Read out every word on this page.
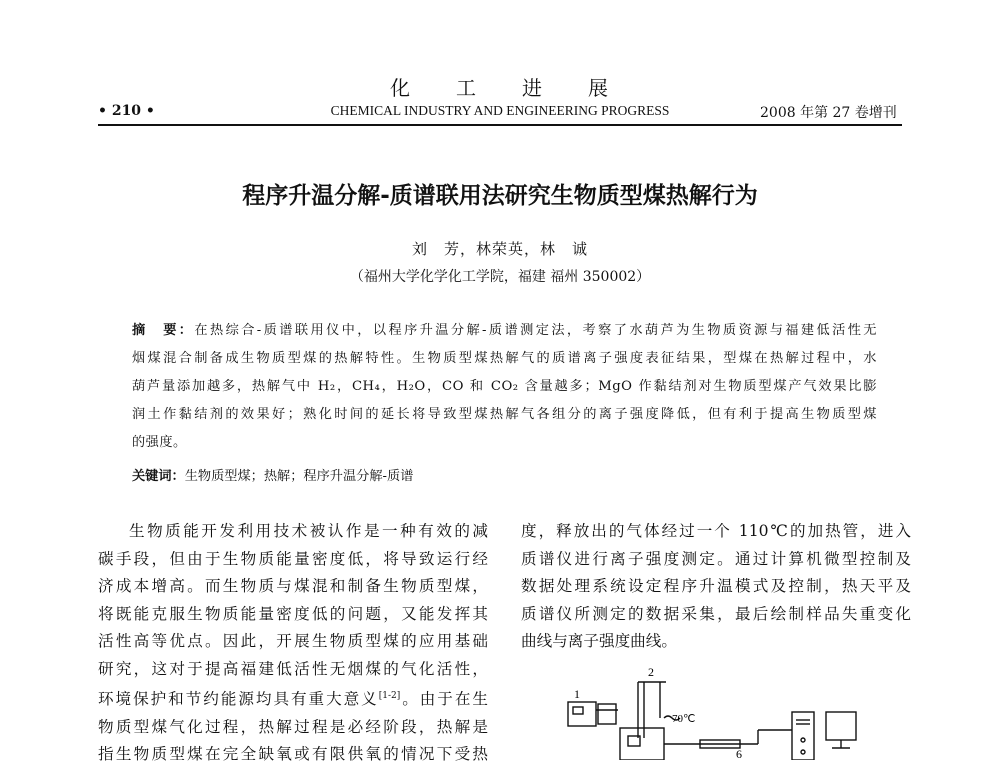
化　　工　　进　　展
• 210 •	CHEMICAL INDUSTRY AND ENGINEERING PROGRESS	2008 年第 27 卷增刊
程序升温分解-质谱联用法研究生物质型煤热解行为
刘　芳，林荣英，林　诚
（福州大学化学化工学院，福建 福州 350002）
摘　要：在热综合-质谱联用仪中，以程序升温分解-质谱测定法，考察了水葫芦为生物质资源与福建低活性无
烟煤混合制备成生物质型煤的热解特性。生物质型煤热解气的质谱离子强度表征结果，型煤在热解过程中，水
葫芦量添加越多，热解气中 H₂，CH₄，H₂O，CO 和 CO₂ 含量越多；MgO 作黏结剂对生物质型煤产气效果比膨
润土作黏结剂的效果好；熟化时间的延长将导致型煤热解气各组分的离子强度降低，但有利于提高生物质型煤
的强度。
关键词：生物质型煤；热解；程序升温分解-质谱
生物质能开发利用技术被认作是一种有效的减
碳手段，但由于生物质能量密度低，将导致运行经
济成本增高。而生物质与煤混和制备生物质型煤，
将既能克服生物质能量密度低的问题，又能发挥其
活性高等优点。因此，开展生物质型煤的应用基础
研究，这对于提高福建低活性无烟煤的气化活性，
环境保护和节约能源均具有重大意义[1-2]。由于在生
物质型煤气化过程，热解过程是必经阶段，热解是
指生物质型煤在完全缺氧或有限供氧的情况下受热
度，释放出的气体经过一个 110℃的加热管，进入
质谱仪进行离子强度测定。通过计算机微型控制及
数据处理系统设定程序升温模式及控制，热天平及
质谱仪所测定的数据采集，最后绘制样品失重变化
曲线与离子强度曲线。
1
2
70℃
6
